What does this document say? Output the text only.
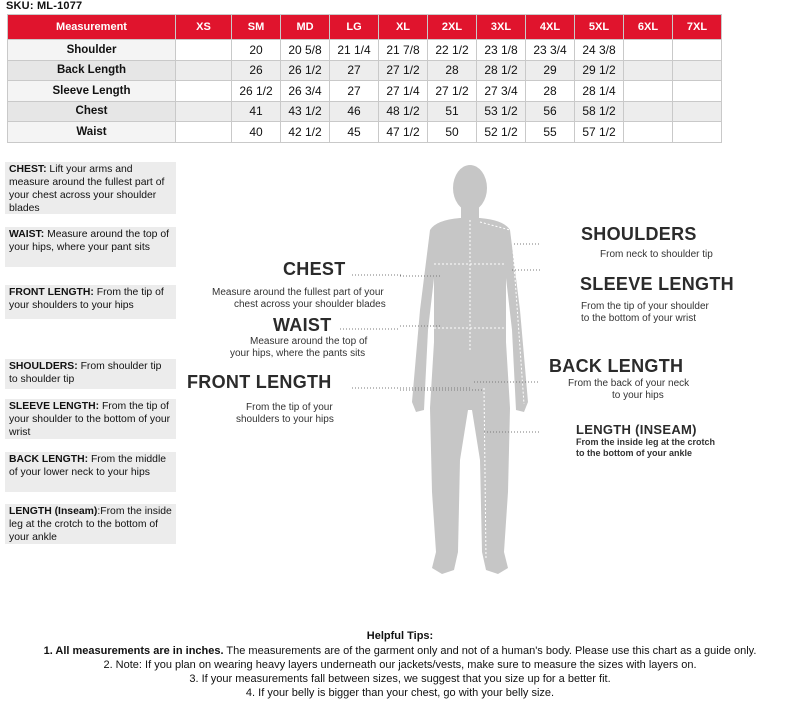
SKU: ML-1077
Measurement	XS	SM	MD	LG	XL	2XL	3XL	4XL	5XL	6XL	7XL
Shoulder		20	20 5/8	21 1/4	21 7/8	22 1/2	23 1/8	23 3/4	24 3/8		
Back Length		26	26 1/2	27	27 1/2	28	28 1/2	29	29 1/2		
Sleeve Length		26 1/2	26 3/4	27	27 1/4	27 1/2	27 3/4	28	28 1/4		
Chest		41	43 1/2	46	48 1/2	51	53 1/2	56	58 1/2		
Waist		40	42 1/2	45	47 1/2	50	52 1/2	55	57 1/2		
CHEST: Lift your arms and measure around the fullest part of your chest across your shoulder blades
WAIST: Measure around the top of your hips, where your pant sits
FRONT LENGTH: From the tip of your shoulders to your hips
SHOULDERS: From shoulder tip to shoulder tip
SLEEVE LENGTH: From the tip of your shoulder to the bottom of your wrist
BACK LENGTH: From the middle of your lower neck to your hips
LENGTH (Inseam):From the inside leg at the crotch to the bottom of your ankle
CHEST
Measure around the fullest part of your
chest across your shoulder blades
WAIST
Measure around the top of
your hips, where the pants sits
FRONT LENGTH
From the tip of your
shoulders to your hips
SHOULDERS
From neck to shoulder tip
SLEEVE LENGTH
From the tip of your shoulder
to the bottom of your wrist
BACK LENGTH
From the back of your neck
to your hips
LENGTH (INSEAM)
From the inside leg at the crotch
to the bottom of your ankle
Helpful Tips:
1. All measurements are in inches. The measurements are of the garment only and not of a human's body. Please use this chart as a guide only.
2. Note: If you plan on wearing heavy layers underneath our jackets/vests, make sure to measure the sizes with layers on.
3. If your measurements fall between sizes, we suggest that you size up for a better fit.
4. If your belly is bigger than your chest, go with your belly size.
